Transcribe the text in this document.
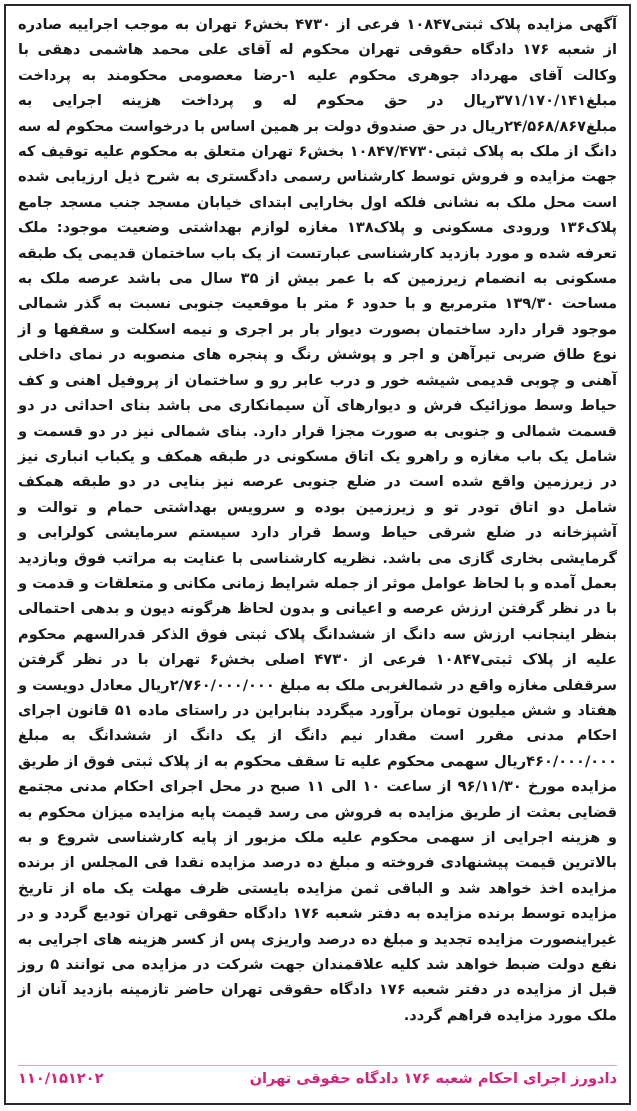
آگهی مزایده پلاک ثبتی۱۰۸۴۷ فرعی از ۴۷۳۰ بخش۶ تهران به موجب اجراییه صادره از شعبه ۱۷۶ دادگاه حقوقی تهران محکوم له آقای علی محمد هاشمی دهقی با وکالت آقای مهرداد جوهری محکوم علیه ۱-رضا معصومی محکومند به پرداخت مبلغ۳۷۱/۱۷۰/۱۴۱ریال در حق محکوم له و پرداخت هزینه اجرایی به مبلغ۲۴/۵۶۸/۸۶۷ریال در حق صندوق دولت بر همین اساس با درخواست محکوم له سه دانگ از ملک به پلاک ثبتی۱۰۸۴۷/۴۷۳۰ بخش۶ تهران متعلق به محکوم علیه توقیف که جهت مزایده و فروش توسط کارشناس رسمی دادگستری به شرح ذیل ارزیابی شده است محل ملک به نشانی فلکه اول بخارایی ابتدای خیابان مسجد جنب مسجد جامع پلاک۱۳۶ ورودی مسکونی و پلاک۱۳۸ مغازه لوازم بهداشتی وضعیت موجود: ملک تعرفه شده و مورد بازدید کارشناسی عبارتست از یک باب ساختمان قدیمی یک طبقه مسکونی به انضمام زیرزمین که با عمر بیش از ۳۵ سال می باشد عرصه ملک به مساحت ۱۳۹/۳۰ مترمربع و با حدود ۶ متر با موقعیت جنوبی نسبت به گذر شمالی موجود قرار دارد ساختمان بصورت دیوار بار بر اجری و نیمه اسکلت و سقفها و از نوع طاق ضربی تیرآهن و اجر و پوشش رنگ و پنجره های منصوبه در نمای داخلی آهنی و چوبی قدیمی شیشه خور و درب عابر رو و ساختمان از پروفیل اهنی و کف حیاط وسط موزائیک فرش و دیوارهای آن سیمانکاری می باشد بنای احداثی در دو قسمت شمالی و جنوبی به صورت مجزا قرار دارد. بنای شمالی نیز در دو قسمت و شامل یک باب مغازه و راهرو یک اتاق مسکونی در طبقه همکف و یکباب انباری نیز در زیرزمین واقع شده است در ضلع جنوبی عرصه نیز بنایی در دو طبقه همکف شامل دو اتاق تودر تو و زیرزمین بوده و سرویس بهداشتی حمام و توالت و آشپزخانه در ضلع شرقی حیاط وسط قرار دارد سیستم سرمایشی کولرابی و گرمایشی بخاری گازی می باشد. نظریه کارشناسی با عنایت به مراتب فوق وبازدید بعمل آمده و با لحاظ عوامل موثر از جمله شرایط زمانی مکانی و متعلقات و قدمت و با در نظر گرفتن ارزش عرصه و اعیانی و بدون لحاظ هرگونه دیون و بدهی احتمالی بنظر اینجانب ارزش سه دانگ از ششدانگ پلاک ثبتی فوق الذکر قدرالسهم محکوم علیه از پلاک ثبتی۱۰۸۴۷ فرعی از ۴۷۳۰ اصلی بخش۶ تهران با در نظر گرفتن سرقفلی مغازه واقع در شمالغربی ملک به مبلغ ۲/۷۶۰/۰۰۰/۰۰۰ریال معادل دویست و هفتاد و شش میلیون تومان برآورد میگردد بنابراین در راستای ماده ۵۱ قانون اجرای احکام مدنی مقرر است مقدار نیم دانگ از یک دانگ از ششدانگ به مبلغ ۴۶۰/۰۰۰/۰۰۰ریال سهمی محکوم علیه تا سقف محکوم به از پلاک ثبتی فوق از طریق مزایده مورخ ۹۶/۱۱/۳۰ از ساعت ۱۰ الی ۱۱ صبح در محل اجرای احکام مدنی مجتمع قضایی بعثت از طریق مزایده به فروش می رسد قیمت پایه مزایده میزان محکوم به و هزینه اجرایی از سهمی محکوم علیه ملک مزبور از پایه کارشناسی شروع و به بالاترین قیمت پیشنهادی فروخته و مبلغ ده درصد مزایده نقدا فی المجلس از برنده مزایده اخذ خواهد شد و الباقی ثمن مزایده بایستی ظرف مهلت یک ماه از تاریخ مزایده توسط برنده مزایده به دفتر شعبه ۱۷۶ دادگاه حقوقی تهران تودیع گردد و در غیراینصورت مزایده تجدید و مبلغ ده درصد واریزی پس از کسر هزینه های اجرایی به نفع دولت ضبط خواهد شد کلیه علاقمندان جهت شرکت در مزایده می توانند ۵ روز قبل از مزایده در دفتر شعبه ۱۷۶ دادگاه حقوقی تهران حاضر تازمینه بازدید آنان از ملک مورد مزایده فراهم گردد.

دادورز اجرای احکام شعبه ۱۷۶ دادگاه حقوقی تهران
۱۱۰/۱۵۱۲۰۲
